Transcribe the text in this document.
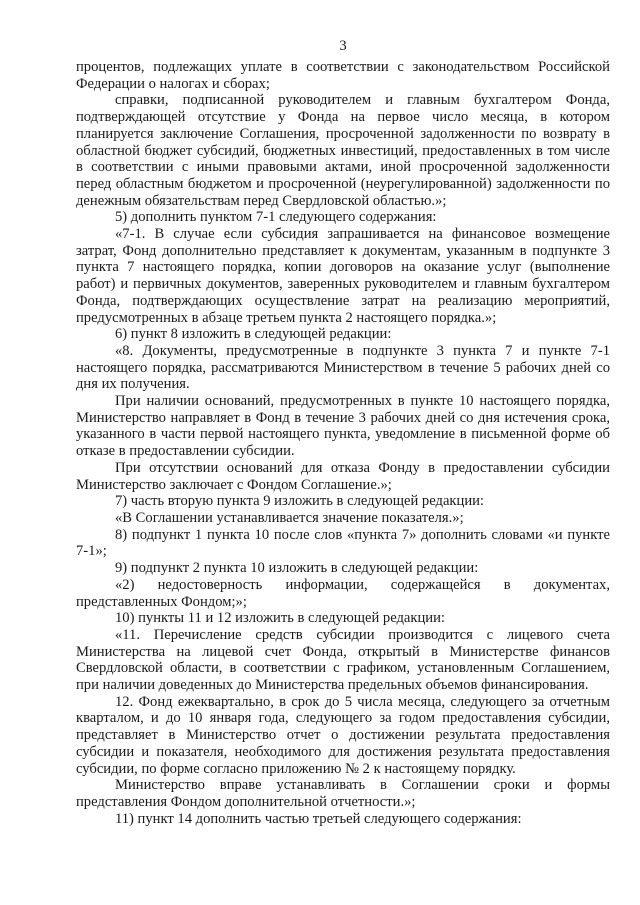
3

процентов, подлежащих уплате в соответствии с законодательством Российской Федерации о налогах и сборах;

справки, подписанной руководителем и главным бухгалтером Фонда, подтверждающей отсутствие у Фонда на первое число месяца, в котором планируется заключение Соглашения, просроченной задолженности по возврату в областной бюджет субсидий, бюджетных инвестиций, предоставленных в том числе в соответствии с иными правовыми актами, иной просроченной задолженности перед областным бюджетом и просроченной (неурегулированной) задолженности по денежным обязательствам перед Свердловской областью.»;

5) дополнить пунктом 7-1 следующего содержания:

«7-1. В случае если субсидия запрашивается на финансовое возмещение затрат, Фонд дополнительно представляет к документам, указанным в подпункте 3 пункта 7 настоящего порядка, копии договоров на оказание услуг (выполнение работ) и первичных документов, заверенных руководителем и главным бухгалтером Фонда, подтверждающих осуществление затрат на реализацию мероприятий, предусмотренных в абзаце третьем пункта 2 настоящего порядка.»;

6) пункт 8 изложить в следующей редакции:

«8. Документы, предусмотренные в подпункте 3 пункта 7 и пункте 7-1 настоящего порядка, рассматриваются Министерством в течение 5 рабочих дней со дня их получения.

При наличии оснований, предусмотренных в пункте 10 настоящего порядка, Министерство направляет в Фонд в течение 3 рабочих дней со дня истечения срока, указанного в части первой настоящего пункта, уведомление в письменной форме об отказе в предоставлении субсидии.

При отсутствии оснований для отказа Фонду в предоставлении субсидии Министерство заключает с Фондом Соглашение.»;

7) часть вторую пункта 9 изложить в следующей редакции:

«В Соглашении устанавливается значение показателя.»;

8) подпункт 1 пункта 10 после слов «пункта 7» дополнить словами «и пункте 7-1»;

9) подпункт 2 пункта 10 изложить в следующей редакции:

«2) недостоверность информации, содержащейся в документах, представленных Фондом;»;

10) пункты 11 и 12 изложить в следующей редакции:

«11. Перечисление средств субсидии производится с лицевого счета Министерства на лицевой счет Фонда, открытый в Министерстве финансов Свердловской области, в соответствии с графиком, установленным Соглашением, при наличии доведенных до Министерства предельных объемов финансирования.

12. Фонд ежеквартально, в срок до 5 числа месяца, следующего за отчетным кварталом, и до 10 января года, следующего за годом предоставления субсидии, представляет в Министерство отчет о достижении результата предоставления субсидии и показателя, необходимого для достижения результата предоставления субсидии, по форме согласно приложению № 2 к настоящему порядку.

Министерство вправе устанавливать в Соглашении сроки и формы представления Фондом дополнительной отчетности.»;

11) пункт 14 дополнить частью третьей следующего содержания:
